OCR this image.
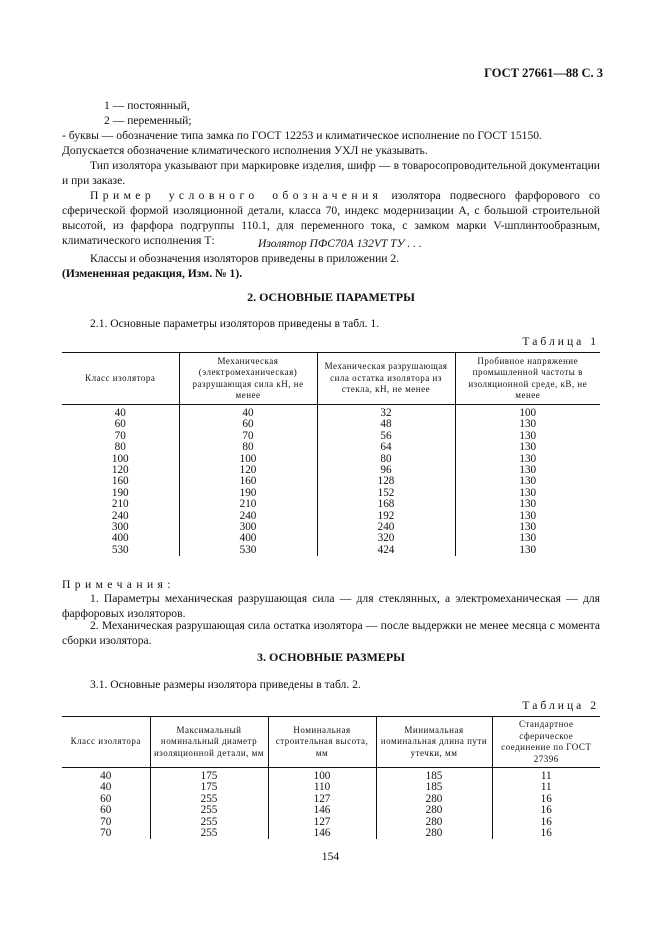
ГОСТ 27661—88 С. 3
1 — постоянный,
2 — переменный;
- буквы — обозначение типа замка по ГОСТ 12253 и климатическое исполнение по ГОСТ 15150.
Допускается обозначение климатического исполнения УХЛ не указывать.
Тип изолятора указывают при маркировке изделия, шифр — в товаросопроводительной документации и при заказе.
Пример условного обозначения изолятора подвесного фарфорового со сферической формой изоляционной детали, класса 70, индекс модернизации А, с большой строительной высотой, из фарфора подгруппы 110.1, для переменного тока, с замком марки V-шплинтообразным, климатического исполнения Т:	Изолятор ПФС70А 132VT ТУ . . .
Классы и обозначения изоляторов приведены в приложении 2.
(Измененная редакция, Изм. № 1).
2. ОСНОВНЫЕ ПАРАМЕТРЫ
2.1. Основные параметры изоляторов приведены в табл. 1.
Таблица 1
Класс изолятора	Механическая (электромеханическая) разрушающая сила кН, не менее	Механическая разрушающая сила остатка изолятора из стекла, кН, не менее	Пробивное напряжение промышленной частоты в изоляционной среде, кВ, не менее
40	40	32	100
60	60	48	130
70	70	56	130
80	80	64	130
100	100	80	130
120	120	96	130
160	160	128	130
190	190	152	130
210	210	168	130
240	240	192	130
300	300	240	130
400	400	320	130
530	530	424	130
Примечания:
1. Параметры механическая разрушающая сила — для стеклянных, а электромеханическая — для фарфоровых изоляторов.
2. Механическая разрушающая сила остатка изолятора — после выдержки не менее месяца с момента сборки изолятора.
3. ОСНОВНЫЕ РАЗМЕРЫ
3.1. Основные размеры изолятора приведены в табл. 2.
Таблица 2
Класс изолятора	Максимальный номинальный диаметр изоляционной детали, мм	Номинальная строительная высота, мм	Минимальная номинальная длина пути утечки, мм	Стандартное сферическое соединение по ГОСТ 27396
40	175	100	185	11
40	175	110	185	11
60	255	127	280	16
60	255	146	280	16
70	255	127	280	16
70	255	146	280	16
154
